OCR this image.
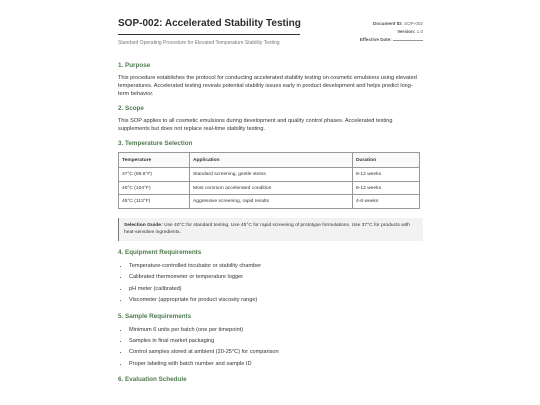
SOP-002: Accelerated Stability Testing
Standard Operating Procedure for Elevated Temperature Stability Testing
Document ID: SOP-002
Version: 1.0
Effective Date:
1. Purpose

This procedure establishes the protocol for conducting accelerated stability testing on cosmetic emulsions using elevated temperatures. Accelerated testing reveals potential stability issues early in product development and helps predict long-term behavior.

2. Scope

This SOP applies to all cosmetic emulsions during development and quality control phases. Accelerated testing supplements but does not replace real-time stability testing.

3. Temperature Selection
Temperature	Application	Duration
37°C (98.6°F)	Standard screening, gentle stress	8-12 weeks
40°C (104°F)	Most common accelerated condition	8-12 weeks
45°C (113°F)	Aggressive screening, rapid results	4-6 weeks
Selection Guide: Use 40°C for standard testing. Use 45°C for rapid screening of prototype formulations. Use 37°C for products with heat-sensitive ingredients.
4. Equipment Requirements
• Temperature-controlled incubator or stability chamber
• Calibrated thermometer or temperature logger
• pH meter (calibrated)
• Viscometer (appropriate for product viscosity range)
5. Sample Requirements
• Minimum 6 units per batch (one per timepoint)
• Samples in final market packaging
• Control samples stored at ambient (20-25°C) for comparison
• Proper labeling with batch number and sample ID
6. Evaluation Schedule
